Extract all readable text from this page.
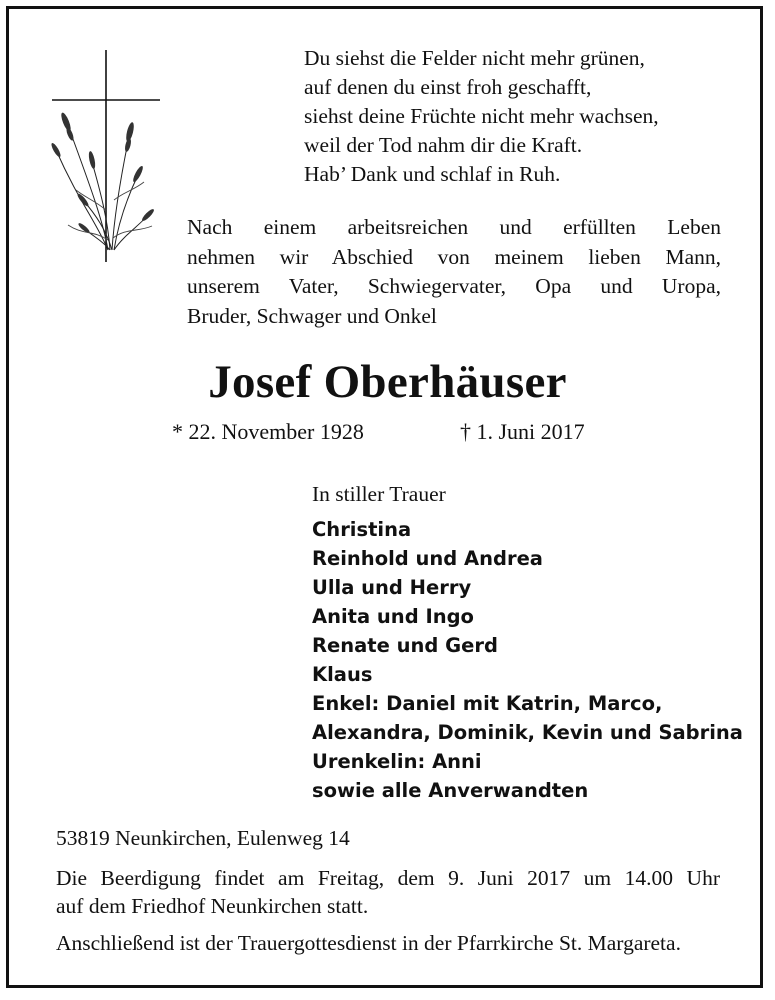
Du siehst die Felder nicht mehr grünen,
auf denen du einst froh geschafft,
siehst deine Früchte nicht mehr wachsen,
weil der Tod nahm dir die Kraft.
Hab’ Dank und schlaf in Ruh.
Nach einem arbeitsreichen und erfüllten Leben
nehmen wir Abschied von meinem lieben Mann,
unserem Vater, Schwiegervater, Opa und Uropa,
Bruder, Schwager und Onkel
Josef Oberhäuser
* 22. November 1928	† 1. Juni 2017
In stiller Trauer
Christina
Reinhold und Andrea
Ulla und Herry
Anita und Ingo
Renate und Gerd
Klaus
Enkel: Daniel mit Katrin, Marco,
Alexandra, Dominik, Kevin und Sabrina
Urenkelin: Anni
sowie alle Anverwandten
53819 Neunkirchen, Eulenweg 14
Die Beerdigung findet am Freitag, dem 9. Juni 2017 um 14.00 Uhr
auf dem Friedhof Neunkirchen statt.
Anschließend ist der Trauergottesdienst in der Pfarrkirche St. Margareta.
